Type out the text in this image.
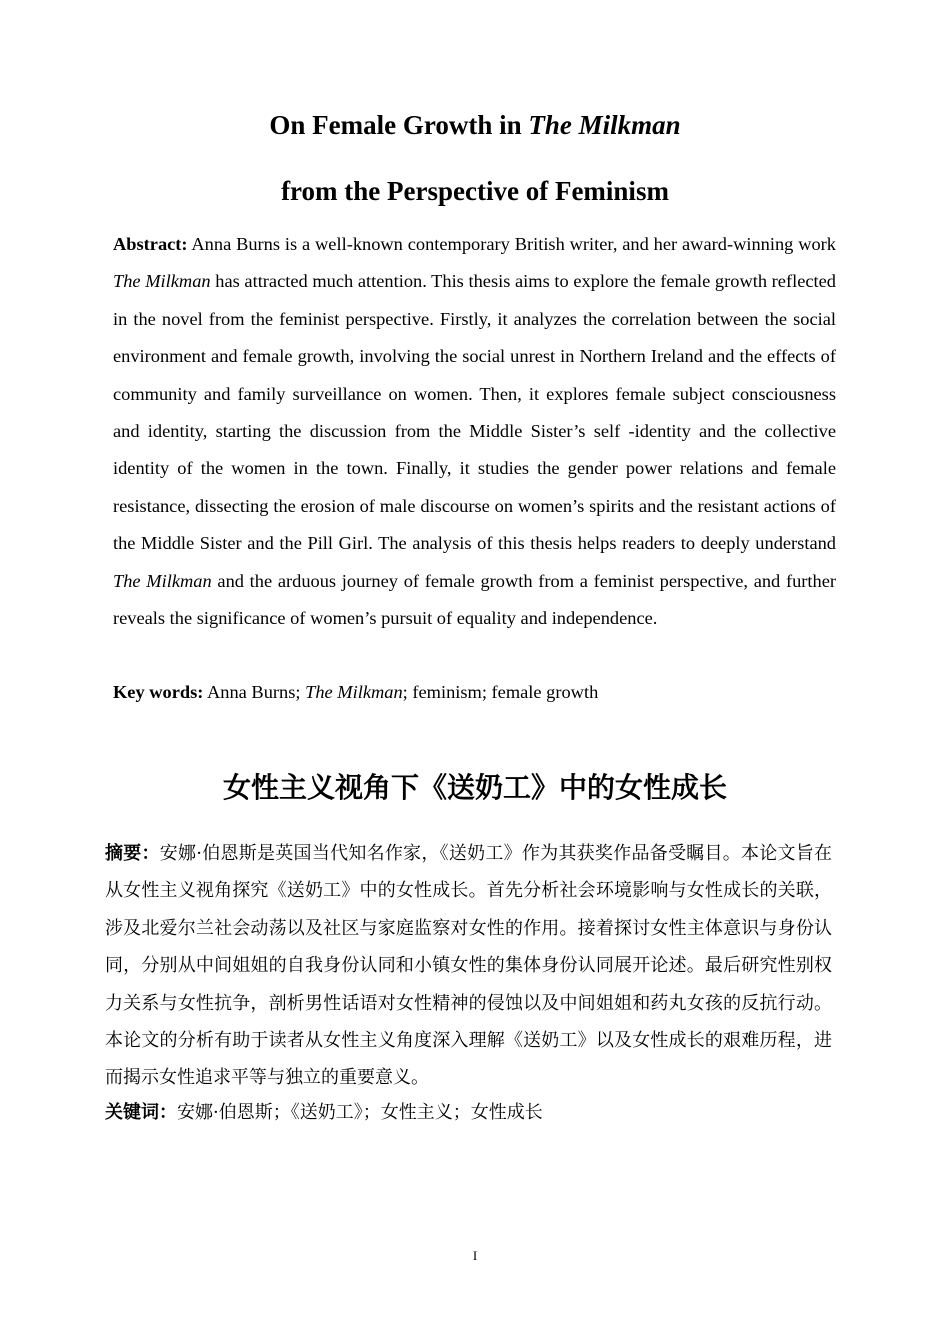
On Female Growth in The Milkman
from the Perspective of Feminism

Abstract: Anna Burns is a well-known contemporary British writer, and her award-winning work The Milkman has attracted much attention. This thesis aims to explore the female growth reflected in the novel from the feminist perspective. Firstly, it analyzes the correlation between the social environment and female growth, involving the social unrest in Northern Ireland and the effects of community and family surveillance on women. Then, it explores female subject consciousness and identity, starting the discussion from the Middle Sister’s self -identity and the collective identity of the women in the town. Finally, it studies the gender power relations and female resistance, dissecting the erosion of male discourse on women’s spirits and the resistant actions of the Middle Sister and the Pill Girl. The analysis of this thesis helps readers to deeply understand The Milkman and the arduous journey of female growth from a feminist perspective, and further reveals the significance of women’s pursuit of equality and independence.

Key words: Anna Burns; The Milkman; feminism; female growth

女性主义视角下《送奶工》中的女性成长

摘要：安娜·伯恩斯是英国当代知名作家，《送奶工》作为其获奖作品备受瞩目。本论文旨在从女性主义视角探究《送奶工》中的女性成长。首先分析社会环境影响与女性成长的关联，涉及北爱尔兰社会动荡以及社区与家庭监察对女性的作用。接着探讨女性主体意识与身份认同，分别从中间姐姐的自我身份认同和小镇女性的集体身份认同展开论述。最后研究性别权力关系与女性抗争，剖析男性话语对女性精神的侵蚀以及中间姐姐和药丸女孩的反抗行动。本论文的分析有助于读者从女性主义角度深入理解《送奶工》以及女性成长的艰难历程，进而揭示女性追求平等与独立的重要意义。

关键词：安娜·伯恩斯；《送奶工》；女性主义；女性成长

I
